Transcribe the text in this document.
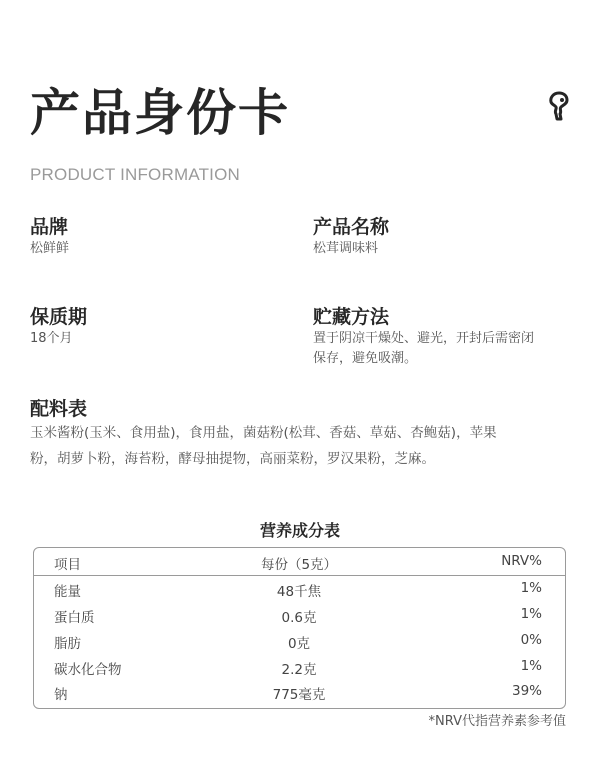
产品身份卡
PRODUCT INFORMATION
品牌
松鲜鲜
产品名称
松茸调味料
保质期
18个月
贮藏方法
置于阴凉干燥处、避光，开封后需密闭
保存，避免吸潮。
配料表
玉米酱粉(玉米、食用盐)，食用盐，菌菇粉(松茸、香菇、草菇、杏鲍菇)，苹果
粉，胡萝卜粉，海苔粉，酵母抽提物，高丽菜粉，罗汉果粉，芝麻。
营养成分表
项目	每份（5克）	NRV%
能量	48千焦	1%
蛋白质	0.6克	1%
脂肪	0克	0%
碳水化合物	2.2克	1%
钠	775毫克	39%
*NRV代指营养素参考值
